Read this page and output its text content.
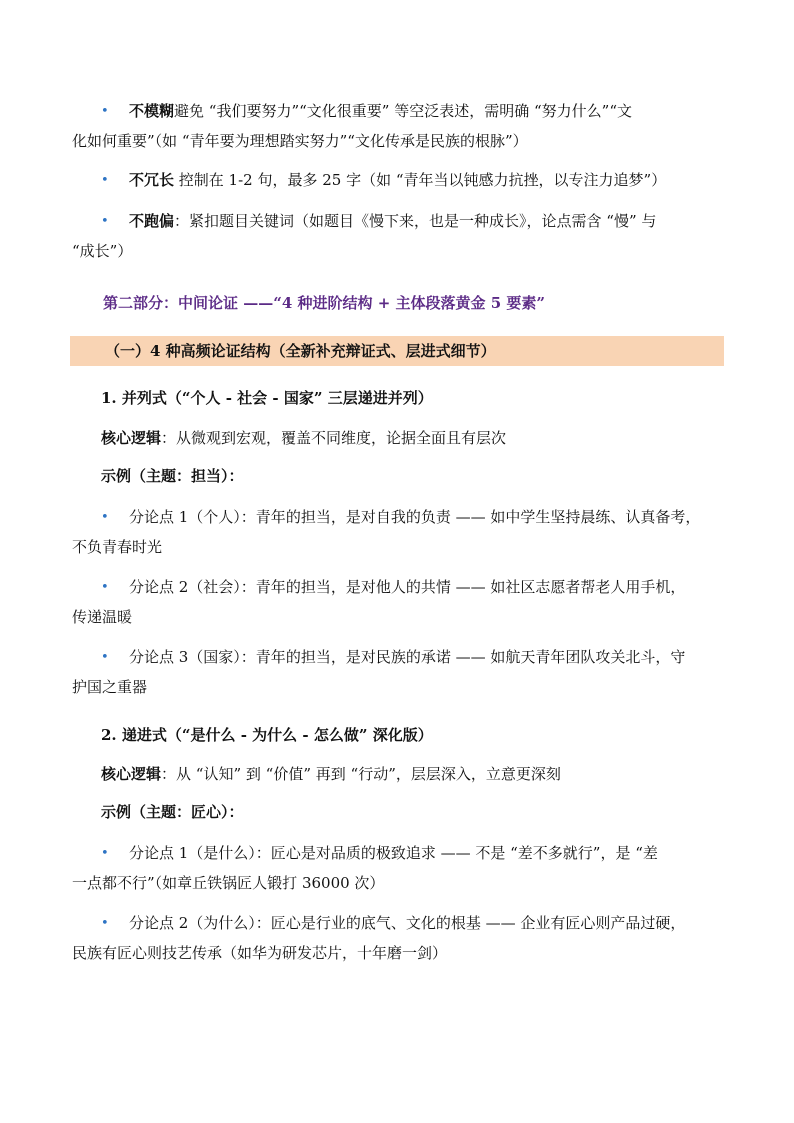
• 不模糊避免 “我们要努力”“文化很重要” 等空泛表述，需明确 “努力什么”“文
化如何重要”（如 “青年要为理想踏实努力”“文化传承是民族的根脉”）
• 不冗长 控制在 1-2 句，最多 25 字（如 “青年当以钝感力抗挫，以专注力追梦”）
• 不跑偏：紧扣题目关键词（如题目《慢下来，也是一种成长》，论点需含 “慢” 与
“成长”）
第二部分：中间论证 ——“4 种进阶结构 + 主体段落黄金 5 要素”
（一）4 种高频论证结构（全新补充辩证式、层进式细节）
1. 并列式（“个人 - 社会 - 国家” 三层递进并列）
核心逻辑：从微观到宏观，覆盖不同维度，论据全面且有层次
示例（主题：担当）：
• 分论点 1（个人）：青年的担当，是对自我的负责 —— 如中学生坚持晨练、认真备考，
不负青春时光
• 分论点 2（社会）：青年的担当，是对他人的共情 —— 如社区志愿者帮老人用手机，
传递温暖
• 分论点 3（国家）：青年的担当，是对民族的承诺 —— 如航天青年团队攻关北斗，守
护国之重器
2. 递进式（“是什么 - 为什么 - 怎么做” 深化版）
核心逻辑：从 “认知” 到 “价值” 再到 “行动”，层层深入，立意更深刻
示例（主题：匠心）：
• 分论点 1（是什么）：匠心是对品质的极致追求 —— 不是 “差不多就行”，是 “差
一点都不行”（如章丘铁锅匠人锻打 36000 次）
• 分论点 2（为什么）：匠心是行业的底气、文化的根基 —— 企业有匠心则产品过硬，
民族有匠心则技艺传承（如华为研发芯片，十年磨一剑）
